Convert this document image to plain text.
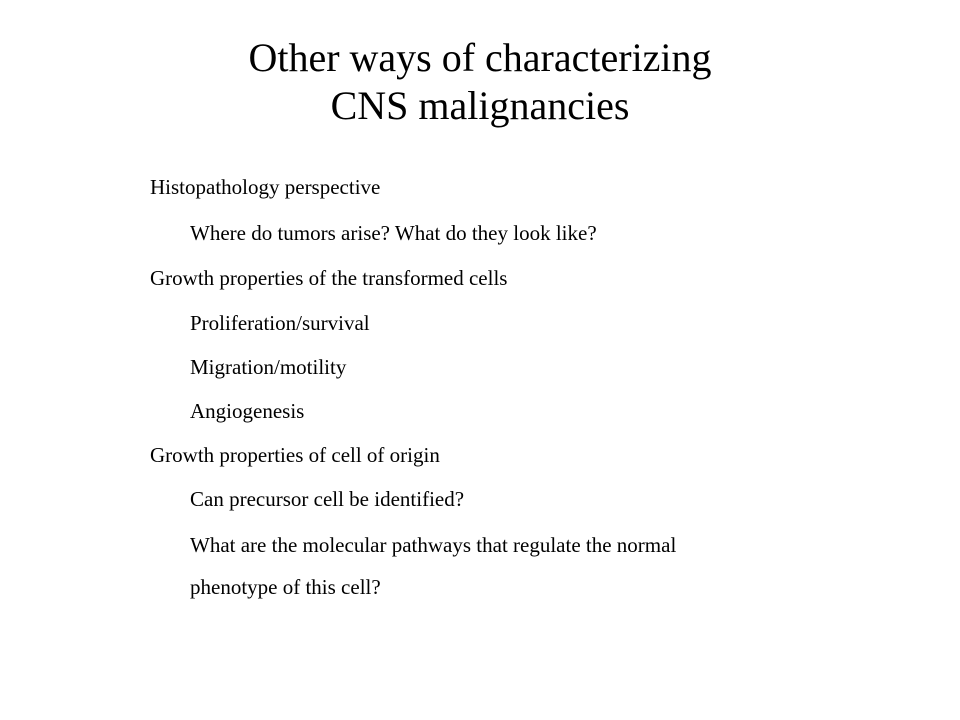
Other ways of characterizing
CNS malignancies
Histopathology perspective
Where do tumors arise? What do they look like?
Growth properties of the transformed cells
Proliferation/survival
Migration/motility
Angiogenesis
Growth properties of cell of origin
Can precursor cell be identified?
What are the molecular pathways that regulate the normal
phenotype of this cell?
